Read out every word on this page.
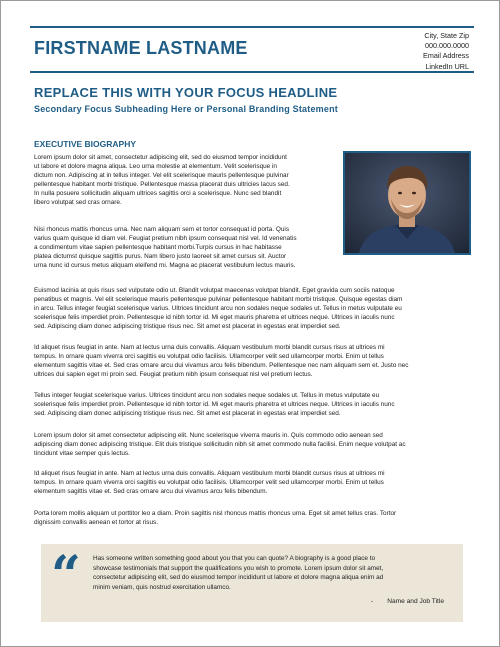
FIRSTNAME LASTNAME
City, State Zip
000.000.0000
Email Address
LinkedIn URL
REPLACE THIS WITH YOUR FOCUS HEADLINE
Secondary Focus Subheading Here or Personal Branding Statement
EXECUTIVE BIOGRAPHY
Lorem ipsum dolor sit amet, consectetur adipiscing elit, sed do eiusmod tempor incididunt
ut labore et dolore magna aliqua. Leo urna molestie at elementum. Velit scelerisque in
dictum non. Adipiscing at in tellus integer. Vel elit scelerisque mauris pellentesque pulvinar
pellentesque habitant morbi tristique. Pellentesque massa placerat duis ultricies lacus sed.
In nulla posuere sollicitudin aliquam ultrices sagittis orci a scelerisque. Nunc sed blandit
libero volutpat sed cras ornare.
Nisi rhoncus mattis rhoncus urna. Nec nam aliquam sem et tortor consequat id porta. Quis
varius quam quisque id diam vel. Feugiat pretium nibh ipsum consequat nisl vel. Id venenatis
a condimentum vitae sapien pellentesque habitant morbi.Turpis cursus in hac habitasse
platea dictumst quisque sagittis purus. Nam libero justo laoreet sit amet cursus sit. Auctor
urna nunc id cursus metus aliquam eleifend mi. Magna ac placerat vestibulum lectus mauris.
Euismod lacinia at quis risus sed vulputate odio ut. Blandit volutpat maecenas volutpat blandit. Eget gravida cum sociis natoque
penatibus et magnis. Vel elit scelerisque mauris pellentesque pulvinar pellentesque habitant morbi tristique. Quisque egestas diam
in arcu. Tellus integer feugiat scelerisque varius. Ultrices tincidunt arcu non sodales neque sodales ut. Tellus in metus vulputate eu
scelerisque felis imperdiet proin. Pellentesque id nibh tortor id. Mi eget mauris pharetra et ultrices neque. Ultrices in iaculis nunc
sed. Adipiscing diam donec adipiscing tristique risus nec. Sit amet est placerat in egestas erat imperdiet sed.
Id aliquet risus feugiat in ante. Nam at lectus urna duis convallis. Aliquam vestibulum morbi blandit cursus risus at ultrices mi
tempus. In ornare quam viverra orci sagittis eu volutpat odio facilisis. Ullamcorper velit sed ullamcorper morbi. Enim ut tellus
elementum sagittis vitae et. Sed cras ornare arcu dui vivamus arcu felis bibendum. Pellentesque nec nam aliquam sem et. Justo nec
ultrices dui sapien eget mi proin sed. Feugiat pretium nibh ipsum consequat nisl vel pretium lectus.
Tellus integer feugiat scelerisque varius. Ultrices tincidunt arcu non sodales neque sodales ut. Tellus in metus vulputate eu
scelerisque felis imperdiet proin. Pellentesque id nibh tortor id. Mi eget mauris pharetra et ultrices neque. Ultrices in iaculis nunc
sed. Adipiscing diam donec adipiscing tristique risus nec. Sit amet est placerat in egestas erat imperdiet sed.
Lorem ipsum dolor sit amet consectetur adipiscing elit. Nunc scelerisque viverra mauris in. Quis commodo odio aenean sed
adipiscing diam donec adipiscing tristique. Elit duis tristique sollicitudin nibh sit amet commodo nulla facilisi. Enim neque volutpat ac
tincidunt vitae semper quis lectus.
Id aliquet risus feugiat in ante. Nam at lectus urna duis convallis. Aliquam vestibulum morbi blandit cursus risus at ultrices mi
tempus. In ornare quam viverra orci sagittis eu volutpat odio facilisis. Ullamcorper velit sed ullamcorper morbi. Enim ut tellus
elementum sagittis vitae et. Sed cras ornare arcu dui vivamus arcu felis bibendum.
Porta lorem mollis aliquam ut porttitor leo a diam. Proin sagittis nisl rhoncus mattis rhoncus urna. Eget sit amet tellus cras. Tortor
dignissim convallis aenean et tortor at risus.
“ Has someone written something good about you that you can quote? A biography is a good place to
showcase testimonials that support the qualifications you wish to promote. Lorem ipsum dolor sit amet,
consectetur adipiscing elit, sed do eiusmod tempor incididunt ut labore et dolore magna aliqua enim ad
minim veniam, quis nostrud exercitation ullamco.
- Name and Job Title
